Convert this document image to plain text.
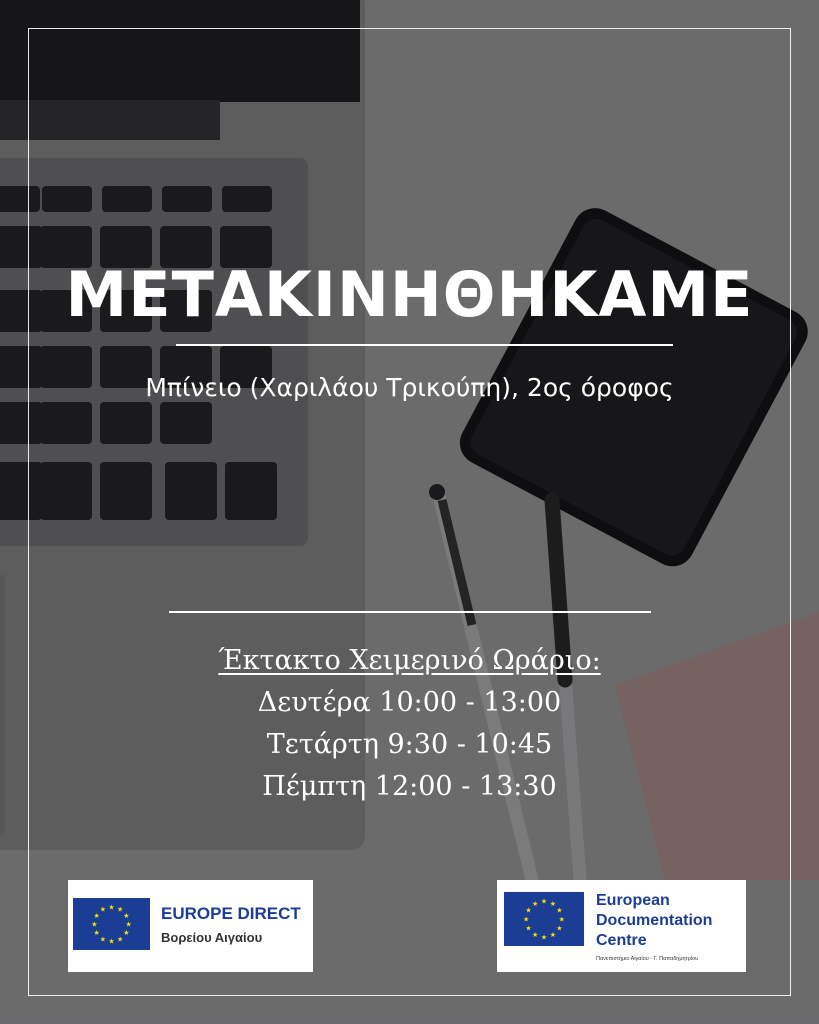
ΜΕΤΑΚΙΝΗΘΗΚΑΜΕ
Μπίνειο (Χαριλάου Τρικούπη), 2ος όροφος
Έκτακτο Χειμερινό Ωράριο:
Δευτέρα 10:00 - 13:00
Τετάρτη 9:30 - 10:45
Πέμπτη 12:00 - 13:30
★ ★
★
★
★
★
★
★
★
★
★
★	EUROPE DIRECT
Βορείου Αιγαίου
★ ★
★
★
★
★
★
★
★
★
★
★	European
Documentation
Centre
Πανεπιστήμιο Αιγαίου - Γ. Παπαδημητρίου
